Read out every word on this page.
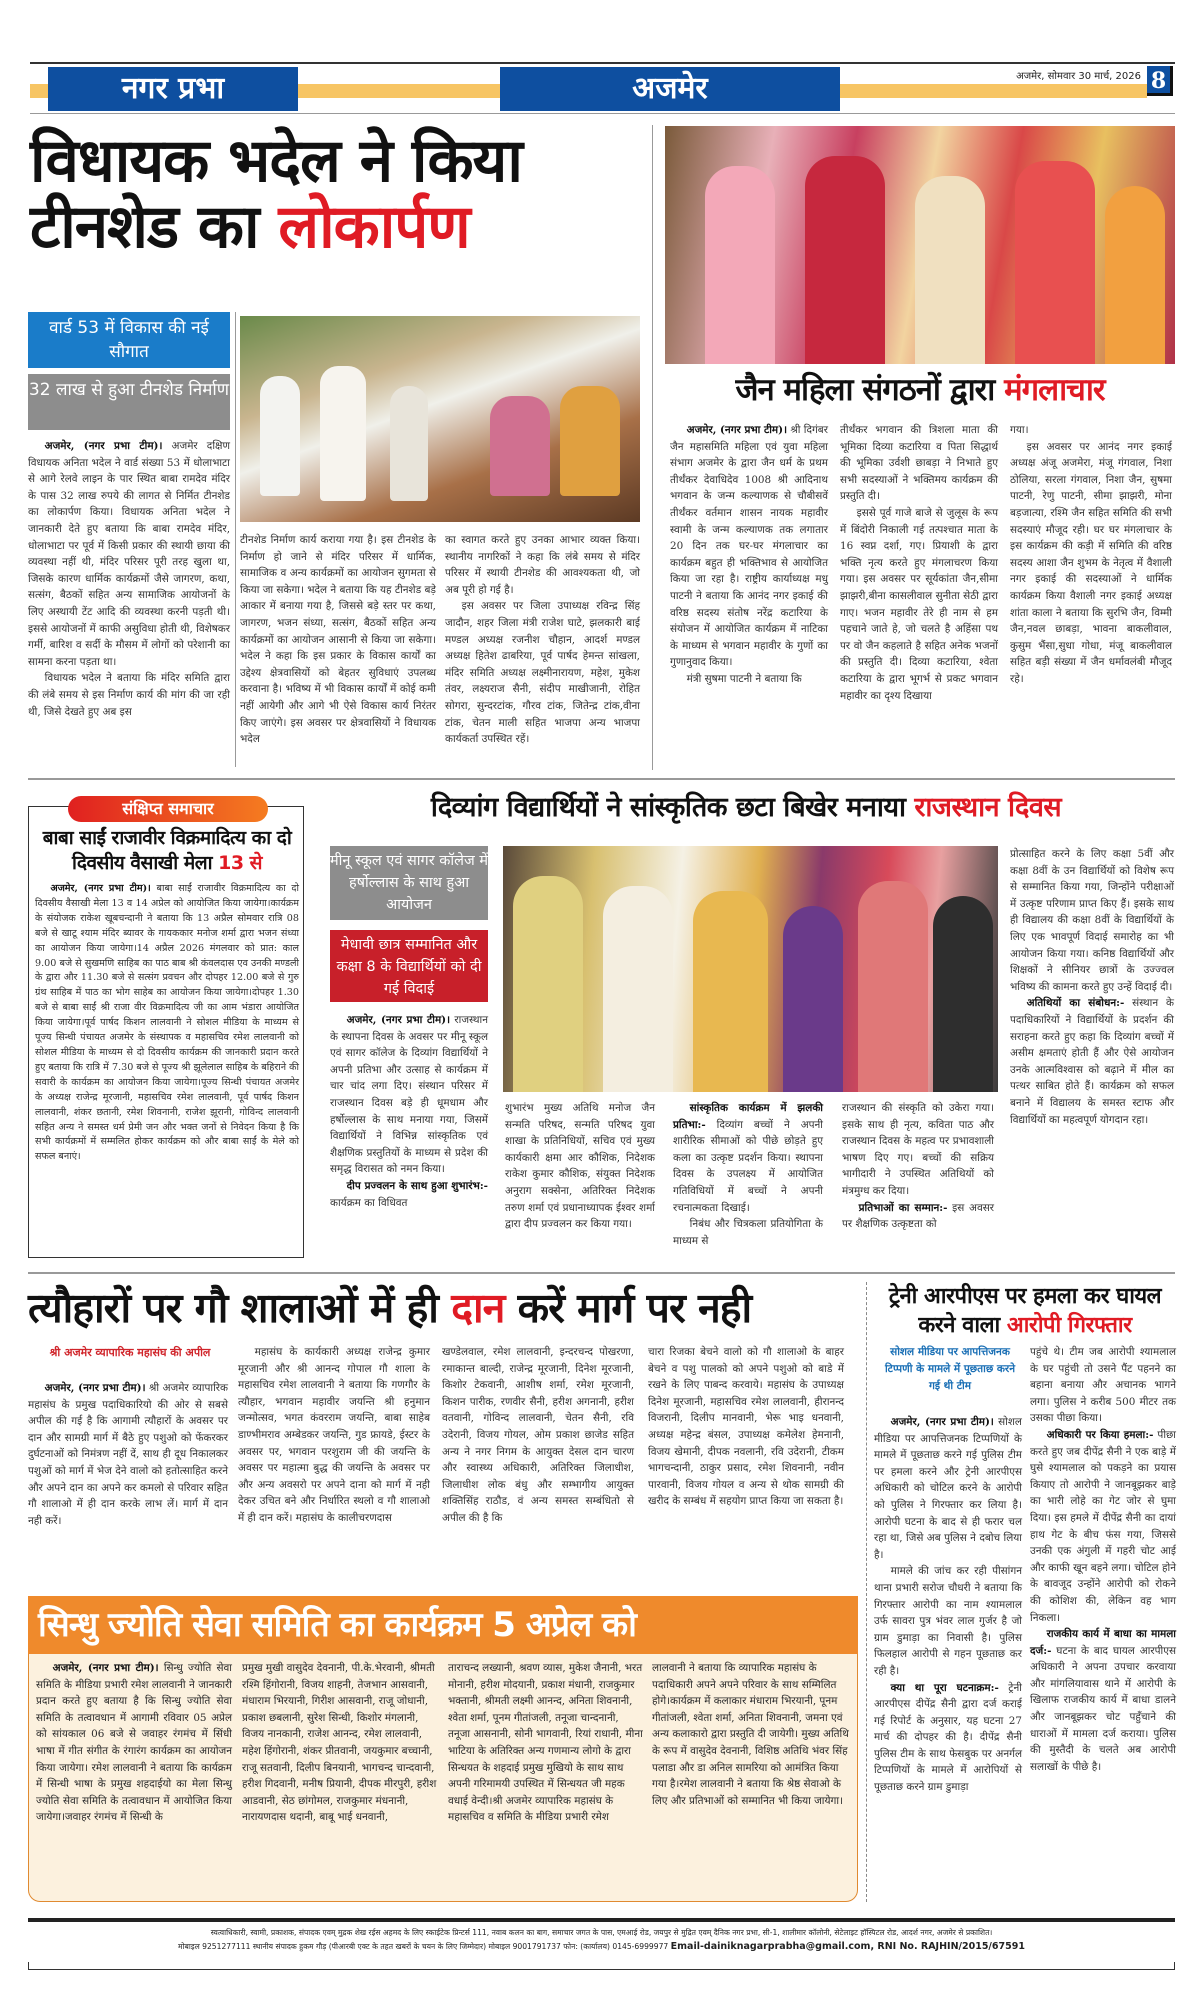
नगर प्रभा	अजमेर	अजमेर, सोमवार 30 मार्च, 2026 8
विधायक भदेल ने किया टीनशेड का लोकार्पण
वार्ड 53 में विकास की नई सौगात
32 लाख से हुआ टीनशेड निर्माण

अजमेर, (नगर प्रभा टीम)। अजमेर दक्षिण विधायक अनिता भदेल ने वार्ड संख्या 53 में धोलाभाटा से आगे रेलवे लाइन के पार स्थित बाबा रामदेव मंदिर के पास 32 लाख रुपये की लागत से निर्मित टीनशेड का लोकार्पण किया। विधायक अनिता भदेल ने जानकारी देते हुए बताया कि बाबा रामदेव मंदिर, धोलाभाटा पर पूर्व में किसी प्रकार की स्थायी छाया की व्यवस्था नहीं थी, मंदिर परिसर पूरी तरह खुला था, जिसके कारण धार्मिक कार्यक्रमों जैसे जागरण, कथा, सत्संग, बैठकों सहित अन्य सामाजिक आयोजनों के लिए अस्थायी टेंट आदि की व्यवस्था करनी पड़ती थी। इससे आयोजनों में काफी असुविधा होती थी, विशेषकर गर्मी, बारिश व सर्दी के मौसम में लोगों को परेशानी का सामना करना पड़ता था।

विधायक भदेल ने बताया कि मंदिर समिति द्वारा की लंबे समय से इस निर्माण कार्य की मांग की जा रही थी, जिसे देखते हुए अब इस

टीनशेड निर्माण कार्य कराया गया है। इस टीनशेड के निर्माण हो जाने से मंदिर परिसर में धार्मिक, सामाजिक व अन्य कार्यक्रमों का आयोजन सुगमता से किया जा सकेगा। भदेल ने बताया कि यह टीनशेड बड़े आकार में बनाया गया है, जिससे बड़े स्तर पर कथा, जागरण, भजन संध्या, सत्संग, बैठकों सहित अन्य कार्यक्रमों का आयोजन आसानी से किया जा सकेगा। भदेल ने कहा कि इस प्रकार के विकास कार्यों का उद्देश्य क्षेत्रवासियों को बेहतर सुविधाएं उपलब्ध करवाना है। भविष्य में भी विकास कार्यों में कोई कमी नहीं आयेगी और आगे भी ऐसे विकास कार्य निरंतर किए जाएंगे। इस अवसर पर क्षेत्रवासियों ने विधायक भदेल
का स्वागत करते हुए उनका आभार व्यक्त किया। स्थानीय नागरिकों ने कहा कि लंबे समय से मंदिर परिसर में स्थायी टीनशेड की आवश्यकता थी, जो अब पूरी हो गई है।

इस अवसर पर जिला उपाध्यक्ष रविन्द्र सिंह जादौन, शहर जिला मंत्री राजेश घाटे, झलकारी बाई मण्डल अध्यक्ष रजनीश चौहान, आदर्श मण्डल अध्यक्ष हितेश ढाबरिया, पूर्व पार्षद हेमन्त सांखला, मंदिर समिति अध्यक्ष लक्ष्मीनारायण, महेश, मुकेश तंवर, लक्ष्यराज सैनी, संदीप माखीजानी, रोहित सोगरा, सुन्दरटांक, गौरव टांक, जितेन्द्र टांक,वीना टांक, चेतन माली सहित भाजपा अन्य भाजपा कार्यकर्ता उपस्थित रहें।

जैन महिला संगठनों द्वारा मंगलाचार

अजमेर, (नगर प्रभा टीम)। श्री दिगंबर जैन महासमिति महिला एवं युवा महिला संभाग अजमेर के द्वारा जैन धर्म के प्रथम तीर्थंकर देवाधिदेव 1008 श्री आदिनाथ भगवान के जन्म कल्याणक से चौबीसवें तीर्थंकर वर्तमान शासन नायक महावीर स्वामी के जन्म कल्याणक तक लगातार 20 दिन तक घर-घर मंगलाचार का कार्यक्रम बहुत ही भक्तिभाव से आयोजित किया जा रहा है। राष्ट्रीय कार्याध्यक्ष मधु पाटनी ने बताया कि आनंद नगर इकाई की वरिष्ठ सदस्य संतोष नरेंद्र कटारिया के संयोजन में आयोजित कार्यक्रम में नाटिका के माध्यम से भगवान महावीर के गुणों का गुणानुवाद किया।

मंत्री सुषमा पाटनी ने बताया कि

तीर्थंकर भगवान की त्रिशला माता की भूमिका दिव्या कटारिया व पिता सिद्धार्थ की भूमिका उर्वशी छाबड़ा ने निभाते हुए सभी सदस्याओं ने भक्तिमय कार्यक्रम की प्रस्तुति दी।

इससे पूर्व गाजे बाजे से जुलूस के रूप में बिंदोरी निकाली गई तत्पश्चात माता के 16 स्वप्न दर्शा, गए। प्रियाशी के द्वारा भक्ति नृत्य करते हुए मंगलाचरण किया गया। इस अवसर पर सूर्यकांता जैन,सीमा झाझरी,बीना कासलीवाल सुनीता सेठी द्वारा गाए। भजन महावीर तेरे ही नाम से हम पहचाने जाते हे, जो चलते है अहिंसा पथ पर वो जैन कहलाते है सहित अनेक भजनों की प्रस्तुति दी। दिव्या कटारिया, श्वेता कटारिया के द्वारा भूगर्भ से प्रकट भगवान महावीर का दृश्य दिखाया

गया।

इस अवसर पर आनंद नगर इकाई अध्यक्ष अंजू अजमेरा, मंजू गंगवाल, निशा ठोलिया, सरला गंगवाल, निशा जैन, सुषमा पाटनी, रेणु पाटनी, सीमा झाझरी, मोना बड़जात्या, रश्मि जैन सहित समिति की सभी सदस्याएं मौजूद रही। घर घर मंगलाचार के इस कार्यक्रम की कड़ी में समिति की वरिष्ठ सदस्य आशा जैन शुभम के नेतृत्व में वैशाली नगर इकाई की सदस्याओं ने धार्मिक कार्यक्रम किया वैशाली नगर इकाई अध्यक्ष शांता काला ने बताया कि सुरभि जैन, विम्मी जैन,नवल छाबड़ा, भावना बाकलीवाल, कुसुम भैंसा,सुधा गोधा, मंजू बाकलीवाल सहित बड़ी संख्या में जैन धर्मावलंबी मौजूद रहे।

संक्षिप्त समाचार
बाबा साईं राजावीर विक्रमादित्य का दो दिवसीय वैसाखी मेला 13 से

अजमेर, (नगर प्रभा टीम)। बाबा साईं राजावीर विक्रमादित्य का दो दिवसीय वैसाखी मेला 13 व 14 अप्रेल को आयोजित किया जायेगा।कार्यक्रम के संयोजक राकेश खूबचन्दानी ने बताया कि 13 अप्रैल सोमवार रात्रि 08 बजे से खाटू श्याम मंदिर ब्यावर के गायककार मनोज शर्मा द्वारा भजन संध्या का आयोजन किया जायेगा।14 अप्रैल 2026 मंगलवार को प्रात: काल 9.00 बजे से सुखमणि साहिब का पाठ बाब श्री कंवलदास एव उनकी मण्डली के द्वारा और 11.30 बजे से सत्संग प्रवचन और दोपहर 12.00 बजे से गुरु ग्रंथ साहिब में पाठ का भोग साहेब का आयोजन किया जायेगा।दोपहर 1.30 बजे से बाबा साईं श्री राजा वीर विक्रमादित्य जी का आम भंडारा आयोजित किया जायेगा।पूर्व पार्षद किशन लालवानी ने सोशल मीडिया के माध्यम से पूज्य सिन्धी पंचायत अजमेर के संस्थापक व महासचिव रमेश लालवानी को सोशल मीडिया के माध्यम से दो दिवसीय कार्यक्रम की जानकारी प्रदान करते हुए बताया कि रात्रि में 7.30 बजे से पूज्य श्री झूलेलाल साहिब के बहिराने की सवारी के कार्यक्रम का आयोजन किया जायेगा।पूज्य सिन्धी पंचायत अजमेर के अध्यक्ष राजेन्द्र मूरजानी, महासचिव रमेश लालवानी, पूर्व पार्षद किशन लालवानी, शंकर छतानी, रमेश शिवनानी, राजेश झूरानी, गोविन्द लालवानी सहित अन्य ने समस्त धर्म प्रेमी जन और भक्त जनों से निवेदन किया है कि सभी कार्यक्रमों में सम्मलित होकर कार्यक्रम को और बाबा साईं के मेले को सफल बनाएं।

दिव्यांग विद्यार्थियों ने सांस्कृतिक छटा बिखेर मनाया राजस्थान दिवस
मीनू स्कूल एवं सागर कॉलेज में हर्षोल्लास के साथ हुआ आयोजन
मेधावी छात्र सम्मानित और कक्षा 8 के विद्यार्थियों को दी गई विदाई

अजमेर, (नगर प्रभा टीम)। राजस्थान के स्थापना दिवस के अवसर पर मीनू स्कूल एवं सागर कॉलेज के दिव्यांग विद्यार्थियों ने अपनी प्रतिभा और उत्साह से कार्यक्रम में चार चांद लगा दिए। संस्थान परिसर में राजस्थान दिवस बड़े ही धूमधाम और हर्षोल्लास के साथ मनाया गया, जिसमें विद्यार्थियों ने विभिन्न सांस्कृतिक एवं शैक्षणिक प्रस्तुतियों के माध्यम से प्रदेश की समृद्ध विरासत को नमन किया।

दीप प्रज्वलन के साथ हुआ शुभारंभ:- कार्यक्रम का विधिवत

शुभारंभ मुख्य अतिथि मनोज जैन सन्मति परिषद, सन्मति परिषद युवा शाखा के प्रतिनिधियों, सचिव एवं मुख्य कार्यकारी क्षमा आर कौशिक, निदेशक राकेश कुमार कौशिक, संयुक्त निदेशक अनुराग सक्सेना, अतिरिक्त निदेशक तरुण शर्मा एवं प्रधानाध्यापक ईश्वर शर्मा द्वारा दीप प्रज्वलन कर किया गया।

सांस्कृतिक कार्यक्रम में झलकी प्रतिभा:- दिव्यांग बच्चों ने अपनी शारीरिक सीमाओं को पीछे छोड़ते हुए कला का उत्कृष्ट प्रदर्शन किया। स्थापना दिवस के उपलक्ष्य में आयोजित गतिविधियों में बच्चों ने अपनी रचनात्मकता दिखाई।

निबंध और चित्रकला प्रतियोगिता के माध्यम से

राजस्थान की संस्कृति को उकेरा गया। इसके साथ ही नृत्य, कविता पाठ और राजस्थान दिवस के महत्व पर प्रभावशाली भाषण दिए गए। बच्चों की सक्रिय भागीदारी ने उपस्थित अतिथियों को मंत्रमुग्ध कर दिया।

प्रतिभाओं का सम्मान:- इस अवसर पर शैक्षणिक उत्कृष्टता को

प्रोत्साहित करने के लिए कक्षा 5वीं और कक्षा 8वीं के उन विद्यार्थियों को विशेष रूप से सम्मानित किया गया, जिन्होंने परीक्षाओं में उत्कृष्ट परिणाम प्राप्त किए हैं। इसके साथ ही विद्यालय की कक्षा 8वीं के विद्यार्थियों के लिए एक भावपूर्ण विदाई समारोह का भी आयोजन किया गया। कनिष्ठ विद्यार्थियों और शिक्षकों ने सीनियर छात्रों के उज्ज्वल भविष्य की कामना करते हुए उन्हें विदाई दी।

अतिथियों का संबोधन:- संस्थान के पदाधिकारियों ने विद्यार्थियों के प्रदर्शन की सराहना करते हुए कहा कि दिव्यांग बच्चों में असीम क्षमताएं होती हैं और ऐसे आयोजन उनके आत्मविश्वास को बढ़ाने में मील का पत्थर साबित होते हैं। कार्यक्रम को सफल बनाने में विद्यालय के समस्त स्टाफ और विद्यार्थियों का महत्वपूर्ण योगदान रहा।

त्यौहारों पर गौ शालाओं में ही दान करें मार्ग पर नही
श्री अजमेर व्यापारिक महासंघ की अपील

अजमेर, (नगर प्रभा टीम)। श्री अजमेर व्यापारिक महासंघ के प्रमुख पदाधिकारियो की ओर से सबसे अपील की गई है कि आगामी त्यौहारों के अवसर पर दान और सामग्री मार्ग में बैठे हुए पशुओ को फेंकरकर दुर्घटनाओं को निमंत्रण नहीं दें, साथ ही दूध निकालकर पशुओं को मार्ग में भेज देने वालो को हतोत्साहित करने और अपने दान का अपने कर कमलो से परिवार सहित गौ शालाओ में ही दान करके लाभ लें। मार्ग में दान नही करें।

महासंघ के कार्यकारी अध्यक्ष राजेन्द्र कुमार मूरजानी और श्री आनन्द गोपाल गौ शाला के महासचिव रमेश लालवानी ने बताया कि गणगौर के त्यौहार, भगवान महावीर जयन्ति श्री हनुमान जन्मोत्सव, भगत कंवरराम जयन्ति, बाबा साहेब डाण्भीमराव अम्बेडकर जयन्ति, गुड फ्रायडे, ईस्टर के अवसर पर, भगवान परशुराम जी की जयन्ति के अवसर पर महात्मा बुद्ध की जयन्ति के अवसर पर और अन्य अवसरो पर अपने दाना को मार्ग में नही देकर उचित बने और निर्धारित स्थलो व गौ शालाओ में ही दान करें। महासंघ के कालीचरणदास

खण्डेलवाल, रमेश लालवानी, इन्दरचन्द पोखरणा, रमाकान्त बाल्दी, राजेन्द्र मूरजानी, दिनेश मूरजानी, किशोर टेकवानी, आशीष शर्मा, रमेश मूरजानी, किशन पारीक, रणवीर सैनी, हरीश अगनानी, हरीश वतवानी, गोविन्द लालवानी, चेतन सैनी, रवि उदेरानी, विजय गोयल, ओम प्रकाश छाजेड सहित अन्य ने नगर निगम के आयुक्त देसल दान चारण और स्वास्थ्य अधिकारी, अतिरिक्त जिलाधीश, जिलाधीश लोक बंधु और सम्भागीय आयुक्त शक्तिसिंह राठौड, वं अन्य समस्त सम्बंधितो से अपील की है कि
चारा रिजका बेचने वालो को गौ शालाओ के बाहर बेचने व पशु पालको को अपने पशुओ को बाडे में रखने के लिए पाबन्द करवाये। महासंघ के उपाध्यक्ष दिनेश मूरजानी, महासचिव रमेश लालवानी, हीरानन्द विजरानी, दिलीप मानवानी, भेरू भाइ धनवानी, अध्यक्ष महेन्द्र बंसल, उपाध्यक्ष कमेलेश हेमनानी, विजय खेमानी, दीपक नवलानी, रवि उदेरानी, टीकम भागचन्दानी, ठाकुर प्रसाद, रमेश शिवनानी, नवीन पारवानी, विजय गोयल व अन्य से थोक सामग्री की खरीद के सम्बंध में सहयोग प्राप्त किया जा सकता है।
ट्रेनी आरपीएस पर हमला कर घायल करने वाला आरोपी गिरफ्तार
सोशल मीडिया पर आपत्तिजनक टिप्पणी के मामले में पूछताछ करने गई थी टीम

अजमेर, (नगर प्रभा टीम)। सोशल मीडिया पर आपत्तिजनक टिप्पणियों के मामले में पूछताछ करने गई पुलिस टीम पर हमला करने और ट्रेनी आरपीएस अधिकारी को चोटिल करने के आरोपी को पुलिस ने गिरफ्तार कर लिया है। आरोपी घटना के बाद से ही फरार चल रहा था, जिसे अब पुलिस ने दबोच लिया है।

मामले की जांच कर रही पीसांगन थाना प्रभारी सरोज चौधरी ने बताया कि गिरफ्तार आरोपी का नाम श्यामलाल उर्फ सावरा पुत्र भंवर लाल गुर्जर है जो ग्राम डुमाड़ा का निवासी है। पुलिस फिलहाल आरोपी से गहन पूछताछ कर रही है।

क्या था पूरा घटनाक्रम:- ट्रेनी आरपीएस दीपेंद्र सैनी द्वारा दर्ज कराई गई रिपोर्ट के अनुसार, यह घटना 27 मार्च की दोपहर की है। दीपेंद्र सैनी पुलिस टीम के साथ फेसबुक पर अनर्गल टिप्पणियों के मामले में आरोपियों से पूछताछ करने ग्राम डुमाड़ा

पहुंचे थे। टीम जब आरोपी श्यामलाल के घर पहुंची तो उसने पैंट पहनने का बहाना बनाया और अचानक भागने लगा। पुलिस ने करीब 500 मीटर तक उसका पीछा किया।

अधिकारी पर किया हमला:- पीछा करते हुए जब दीपेंद्र सैनी ने एक बाड़े में घुसे श्यामलाल को पकड़ने का प्रयास कियाए तो आरोपी ने जानबूझकर बाड़े का भारी लोहे का गेट जोर से घुमा दिया। इस हमले में दीपेंद्र सैनी का दायां हाथ गेट के बीच फंस गया, जिससे उनकी एक अंगुली में गहरी चोट आई और काफी खून बहने लगा। चोटिल होने के बावजूद उन्होंने आरोपी को रोकने की कोशिश की, लेकिन वह भाग निकला।

राजकीय कार्य में बाधा का मामला दर्ज:- घटना के बाद घायल आरपीएस अधिकारी ने अपना उपचार करवाया और मांगलियावास थाने में आरोपी के खिलाफ राजकीय कार्य में बाधा डालने और जानबूझकर चोट पहुँचाने की धाराओं में मामला दर्ज कराया। पुलिस की मुस्तैदी के चलते अब आरोपी सलाखों के पीछे है।

सिन्धु ज्योति सेवा समिति का कार्यक्रम 5 अप्रेल को

अजमेर, (नगर प्रभा टीम)। सिन्धु ज्योति सेवा समिति के मीडिया प्रभारी रमेश लालवानी ने जानकारी प्रदान करते हुए बताया है कि सिन्धु ज्योति सेवा समिति के तत्वावधान में आगामी रविवार 05 अप्रेल को सांयकाल 06 बजे से जवाहर रंगमंच में सिंधी भाषा में गीत संगीत के रंगारंग कार्यक्रम का आयोजन किया जायेगा। रमेश लालवानी ने बताया कि कार्यक्रम में सिन्धी भाषा के प्रमुख शहदाईयो का मेला सिन्धु ज्योति सेवा समिति के तत्वावधान में आयोजित किया जायेगा।जवाहर रंगमंच में सिन्धी के

प्रमुख मुखी वासुदेव देवनानी, पी.के.भेरवानी, श्रीमती रश्मि हिंगोरानी, विजय शाहनी, तेजभान आसवानी, मंधाराम भिरयानी, गिरीश आसवानी, राजू जोधानी, प्रकाश छबलानी, सुरेश सिन्धी, किशोर मंगलानी, विजय नानकानी, राजेश आनन्द, रमेश लालवानी, महेश हिंगोरानी, शंकर प्रीतवानी, जयकुमार बच्चानी, राजू सतवानी, दिलीप बिनयानी, भागचन्द चान्दवानी, हरीश गिदवानी, मनीष प्रियानी, दीपक मीरपुरी, हरीश आडवानी, सेठ छांगोमल, राजकुमार मंधनानी, नारायणदास थदानी, बाबू भाई धनवानी,
ताराचन्द लख्यानी, श्रवण व्यास, मुकेश जैनानी, भरत मोनानी, हरीश मोदयानी, प्रकाश मंधानी, राजकुमार भक्तानी, श्रीमती लक्ष्मी आनन्द, अनिता शिवनानी, श्वेता शर्मा, पूनम गीतांजली, तनूजा चान्दनानी, तनूजा आसनानी, सोनी भागवानी, रियां राधानी, मीना भाटिया के अतिरिक्त अन्य गणमान्य लोगो के द्वारा सिन्धयत के शहदाई प्रमुख मुखियो के साथ साथ अपनी गरिमामयी उपस्थित में सिन्धयत जी महक वधाई वेन्दी।श्री अजमेर व्यापारिक महासंघ के महासचिव व समिति के मीडिया प्रभारी रमेश
लालवानी ने बताया कि व्यापारिक महासंघ के पदाधिकारी अपने अपने परिवार के साथ सम्मिलित होगे।कार्यक्रम में कलाकार मंधाराम भिरयानी, पूनम गीतांजली, श्वेता शर्मा, अनिता शिवनानी, जमना एवं अन्य कलाकारो द्वारा प्रस्तुति दी जायेगी। मुख्य अतिथि के रूप में वासुदेव देवनानी, विशिष्ठ अतिथि भंवर सिंह पलाडा और डा अनिल सामरिया को आमंत्रित किया गया है।रमेश लालवानी ने बताया कि श्रेष्ठ सेवाओ के लिए और प्रतिभाओं को सम्मानित भी किया जायेगा।
स्वत्वाधिकारी, स्वामी, प्रकाशक, संपादक एवम् मुद्रक शेख रईस अहमद के लिए स्काईटेक प्रिन्टर्स 111, नवाब कलन का बाग, समाचार जगत के पास, एमआई रोड, जयपुर से मुद्रित एवम् दैनिक नगर प्रभा, सी-1, शालीमार कॉलोनी, सेटेलाइट हॉस्पिटल रोड, आदर्श नगर, अजमेर से प्रकाशित।
मोबाइल 9251277111 स्थानीय संपादक हुकम गौड़ (पीआरबी एक्ट के तहत खबरों के चयन के लिए जिम्मेदार) मोबाइल 9001791737 फोन: (कार्यालय) 0145-6999977 Email-dainiknagarprabha@gmail.com, RNI No. RAJHIN/2015/67591
